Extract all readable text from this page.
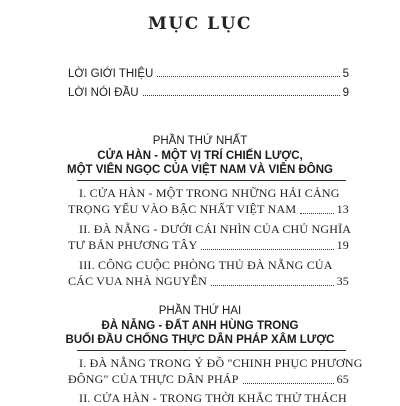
MỤC LỤC
LỜI GIỚI THIỆU	5
LỜI NÓI ĐẦU	9
PHẦN THỨ NHẤT
CỬA HÀN - MỘT VỊ TRÍ CHIẾN LƯỢC,
MỘT VIÊN NGỌC CỦA VIỆT NAM VÀ VIỄN ĐÔNG
I. CỬA HÀN - MỘT TRONG NHỮNG HẢI CẢNG
TRỌNG YẾU VÀO BẬC NHẤT VIỆT NAM	13
II. ĐÀ NẴNG - DƯỚI CÁI NHÌN CỦA CHỦ NGHĨA
TƯ BẢN PHƯƠNG TÂY	19
III. CÔNG CUỘC PHÒNG THỦ ĐÀ NẴNG CỦA
CÁC VUA NHÀ NGUYỄN	35
PHẦN THỨ HAI
ĐÀ NẴNG - ĐẤT ANH HÙNG TRONG
BUỔI ĐẦU CHỐNG THỰC DÂN PHÁP XÂM LƯỢC
I. ĐÀ NẴNG TRONG Ý ĐỒ "CHINH PHỤC PHƯƠNG
ĐÔNG" CỦA THỰC DÂN PHÁP	65
II. CỬA HÀN - TRONG THỜI KHẮC THỬ THÁCH
